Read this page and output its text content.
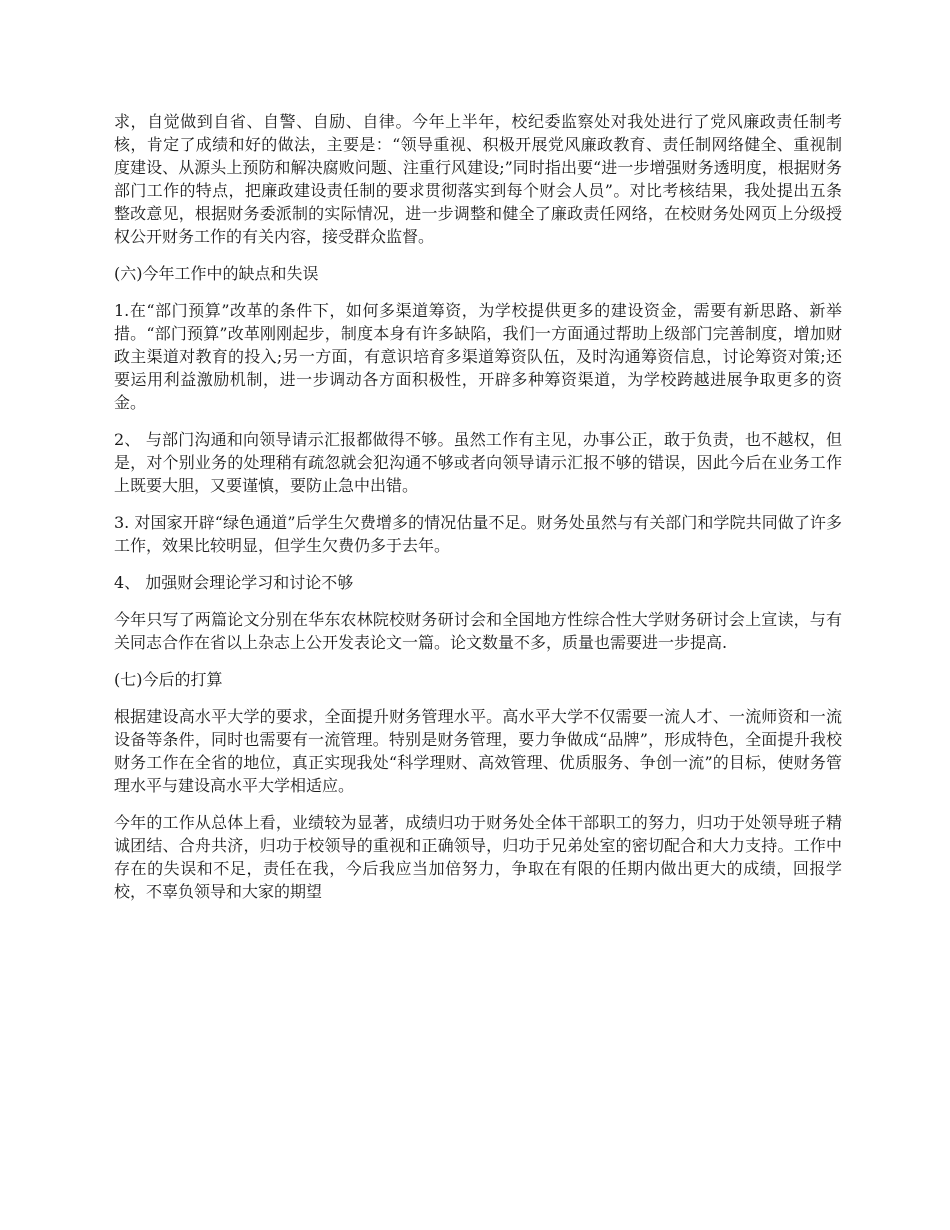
求，自觉做到自省、自警、自励、自律。今年上半年，校纪委监察处对我处进行了党风廉政责任制考核，肯定了成绩和好的做法，主要是：“领导重视、积极开展党风廉政教育、责任制网络健全、重视制度建设、从源头上预防和解决腐败问题、注重行风建设;”同时指出要“进一步增强财务透明度，根据财务部门工作的特点，把廉政建设责任制的要求贯彻落实到每个财会人员”。对比考核结果，我处提出五条整改意见，根据财务委派制的实际情况，进一步调整和健全了廉政责任网络，在校财务处网页上分级授权公开财务工作的有关内容，接受群众监督。

(六)今年工作中的缺点和失误

1.在“部门预算”改革的条件下，如何多渠道筹资，为学校提供更多的建设资金，需要有新思路、新举措。“部门预算”改革刚刚起步，制度本身有许多缺陷，我们一方面通过帮助上级部门完善制度，增加财政主渠道对教育的投入;另一方面，有意识培育多渠道筹资队伍，及时沟通筹资信息，讨论筹资对策;还要运用利益激励机制，进一步调动各方面积极性，开辟多种筹资渠道，为学校跨越进展争取更多的资金。

2、 与部门沟通和向领导请示汇报都做得不够。虽然工作有主见，办事公正，敢于负责，也不越权，但是，对个别业务的处理稍有疏忽就会犯沟通不够或者向领导请示汇报不够的错误，因此今后在业务工作上既要大胆，又要谨慎，要防止急中出错。

3. 对国家开辟“绿色通道”后学生欠费增多的情况估量不足。财务处虽然与有关部门和学院共同做了许多工作，效果比较明显，但学生欠费仍多于去年。

4、 加强财会理论学习和讨论不够

今年只写了两篇论文分别在华东农林院校财务研讨会和全国地方性综合性大学财务研讨会上宣读，与有关同志合作在省以上杂志上公开发表论文一篇。论文数量不多，质量也需要进一步提高.

(七)今后的打算

根据建设高水平大学的要求，全面提升财务管理水平。高水平大学不仅需要一流人才、一流师资和一流设备等条件，同时也需要有一流管理。特别是财务管理，要力争做成“品牌”，形成特色，全面提升我校财务工作在全省的地位，真正实现我处“科学理财、高效管理、优质服务、争创一流”的目标，使财务管理水平与建设高水平大学相适应。

今年的工作从总体上看，业绩较为显著，成绩归功于财务处全体干部职工的努力，归功于处领导班子精诚团结、合舟共济，归功于校领导的重视和正确领导，归功于兄弟处室的密切配合和大力支持。工作中存在的失误和不足，责任在我，今后我应当加倍努力，争取在有限的任期内做出更大的成绩，回报学校，不辜负领导和大家的期望
